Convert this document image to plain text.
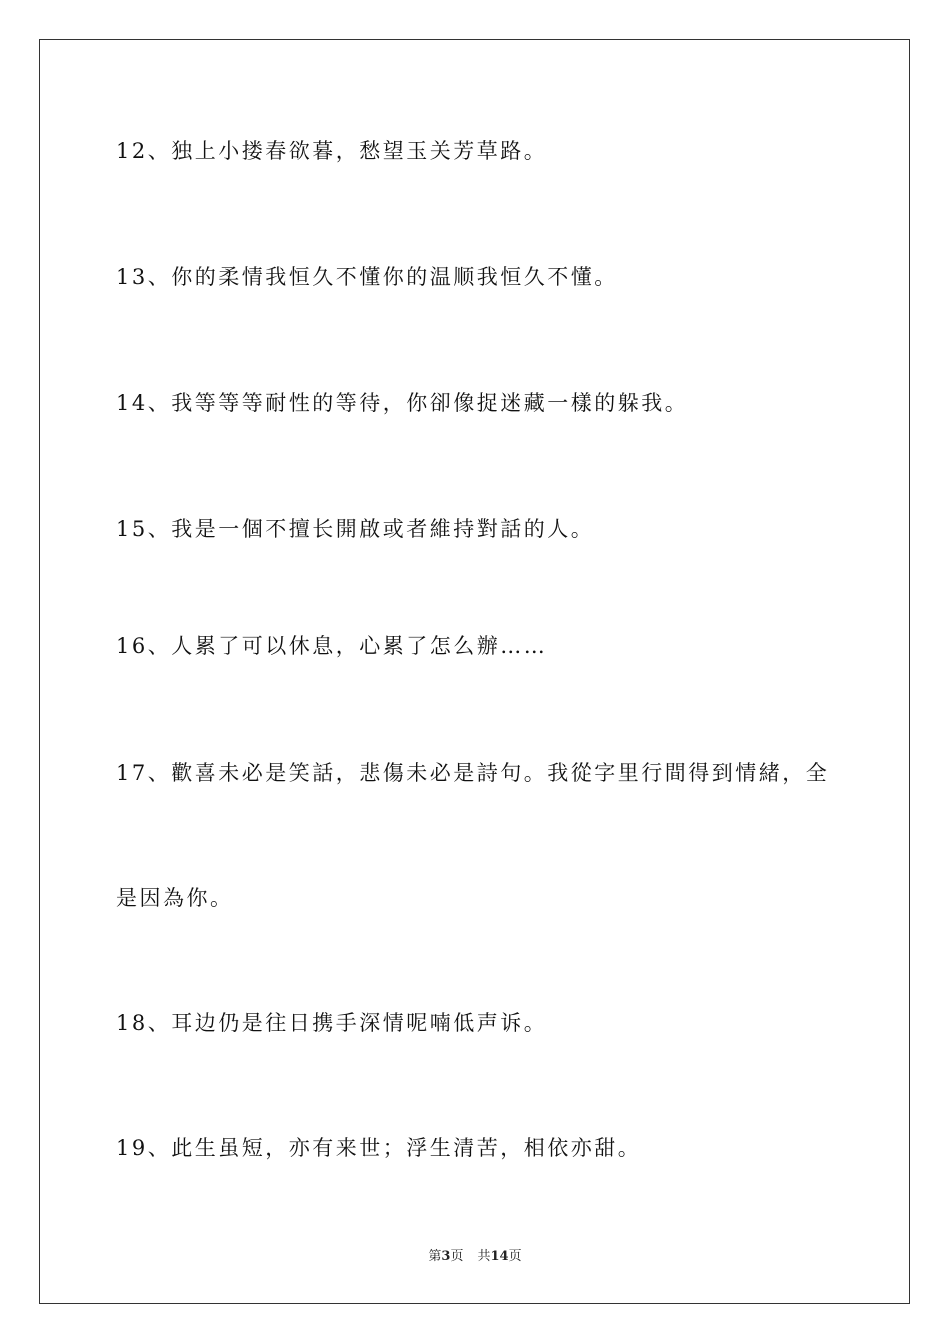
12、独上小搂春欲暮，愁望玉关芳草路。
13、你的柔情我恒久不懂你的温顺我恒久不懂。
14、我等等等耐性的等待，你卻像捉迷藏一樣的躲我。
15、我是一個不擅长開啟或者維持對話的人。
16、人累了可以休息，心累了怎么辦……
17、歡喜未必是笑話，悲傷未必是詩句。我從字里行間得到情緒，全
是因為你。
18、耳边仍是往日携手深情呢喃低声诉。
19、此生虽短，亦有来世；浮生清苦，相依亦甜。
第3页 共14页
